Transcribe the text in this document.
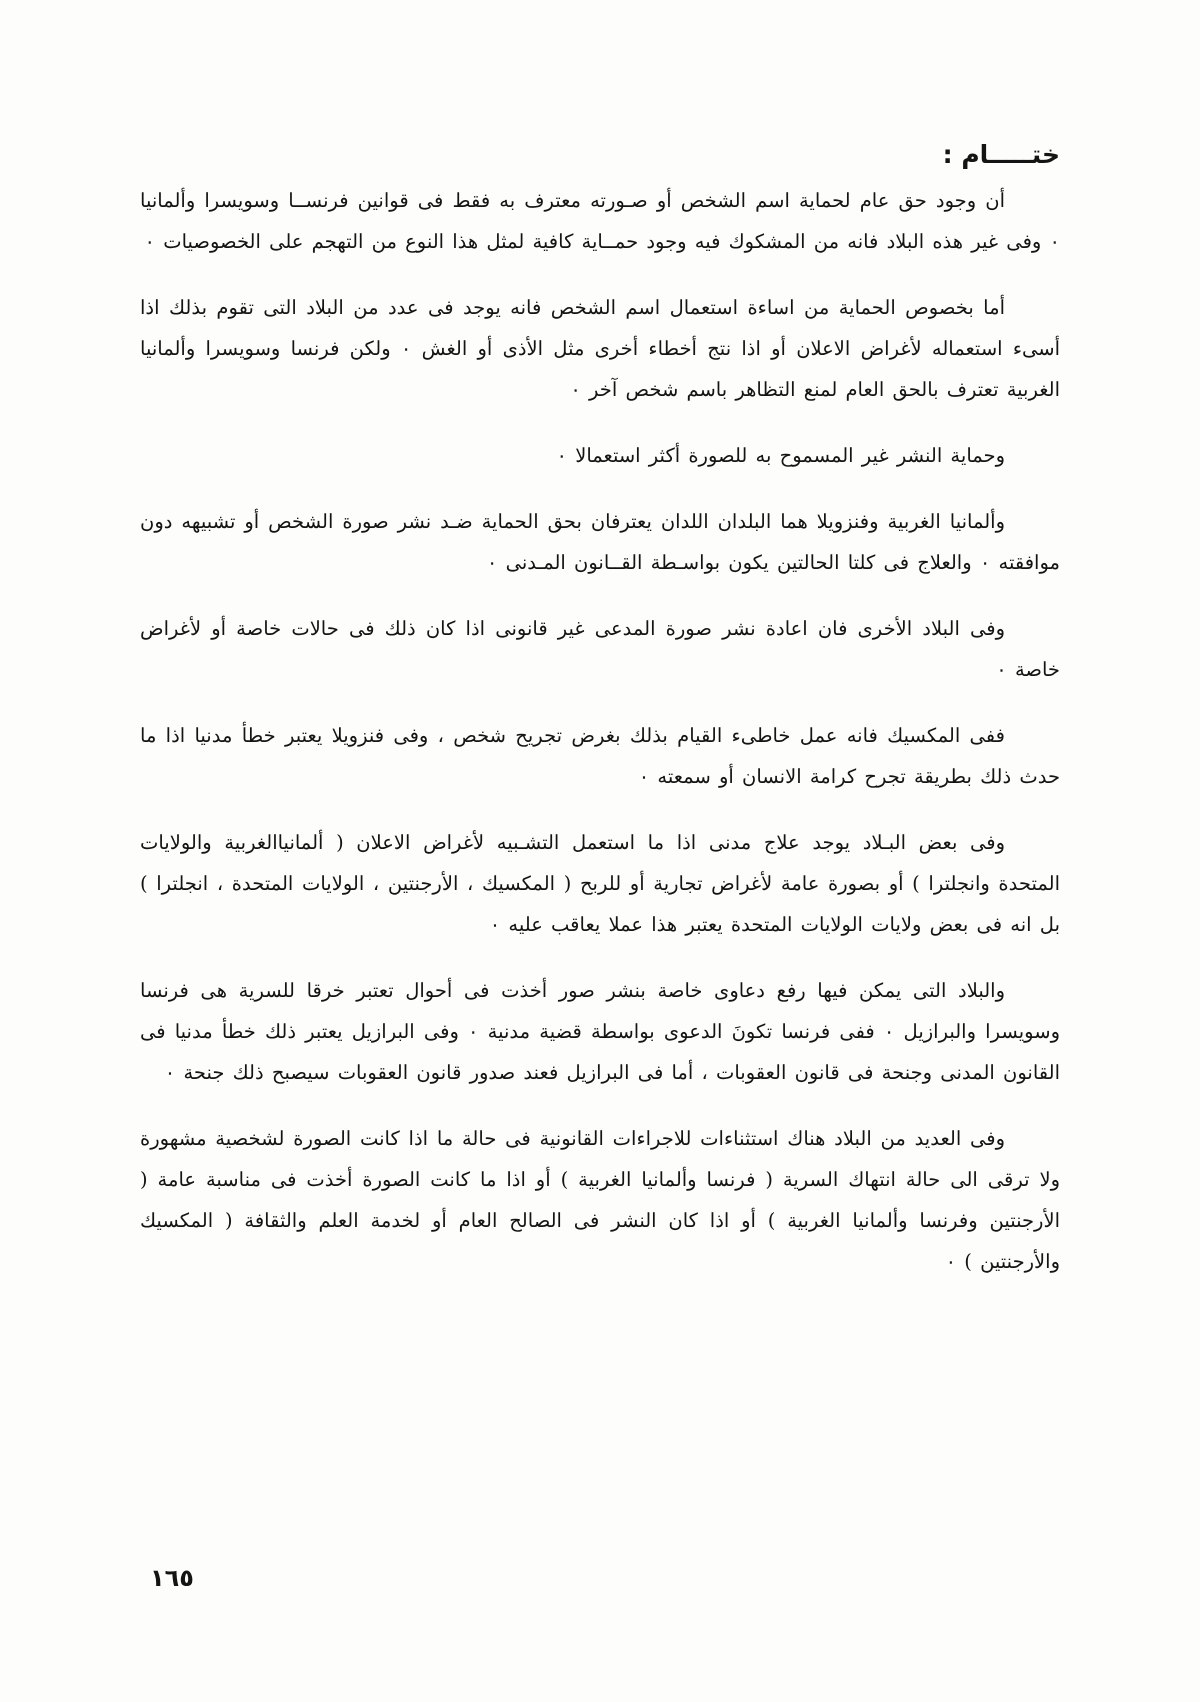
ختـــــام :

أن وجود حق عام لحماية اسم الشخص أو صـورته معترف به فقط فى قوانين فرنســا وسويسرا وألمانيا ٠ وفى غير هذه البلاد فانه من المشكوك فيه وجود حمــاية كافية لمثل هذا النوع من التهجم على الخصوصيات ٠

أما بخصوص الحماية من اساءة استعمال اسم الشخص فانه يوجد فى عدد من البلاد التى تقوم بذلك اذا أسىء استعماله لأغراض الاعلان أو اذا نتج أخطاء أخرى مثل الأذى أو الغش ٠ ولكن فرنسا وسويسرا وألمانيا الغربية تعترف بالحق العام لمنع التظاهر باسم شخص آخر ٠

وحماية النشر غير المسموح به للصورة أكثر استعمالا ٠

وألمانيا الغربية وفنزويلا هما البلدان اللدان يعترفان بحق الحماية ضـد نشر صورة الشخص أو تشبيهه دون موافقته ٠ والعلاج فى كلتا الحالتين يكون بواسـطة القــانون المـدنى ٠

وفى البلاد الأخرى فان اعادة نشر صورة المدعى غير قانونى اذا كان ذلك فى حالات خاصة أو لأغراض خاصة ٠

ففى المكسيك فانه عمل خاطىء القيام بذلك بغرض تجريح شخص ، وفى فنزويلا يعتبر خطأ مدنيا اذا ما حدث ذلك بطريقة تجرح كرامة الانسان أو سمعته ٠

وفى بعض البـلاد يوجد علاج مدنى اذا ما استعمل التشـبيه لأغراض الاعلان ( ألمانياالغربية والولايات المتحدة وانجلترا ) أو بصورة عامة لأغراض تجارية أو للربح ( المكسيك ، الأرجنتين ، الولايات المتحدة ، انجلترا ) بل انه فى بعض ولايات الولايات المتحدة يعتبر هذا عملا يعاقب عليه ٠

والبلاد التى يمكن فيها رفع دعاوى خاصة بنشر صور أخذت فى أحوال تعتبر خرقا للسرية هى فرنسا وسويسرا والبرازيل ٠ ففى فرنسا تكونَ الدعوى بواسطة قضية مدنية ٠ وفى البرازيل يعتبر ذلك خطأ مدنيا فى القانون المدنى وجنحة فى قانون العقوبات ، أما فى البرازيل فعند صدور قانون العقوبات سيصبح ذلك جنحة ٠

وفى العديد من البلاد هناك استثناءات للاجراءات القانونية فى حالة ما اذا كانت الصورة لشخصية مشهورة ولا ترقى الى حالة انتهاك السرية ( فرنسا وألمانيا الغربية ) أو اذا ما كانت الصورة أخذت فى مناسبة عامة ( الأرجنتين وفرنسا وألمانيا الغربية ) أو اذا كان النشر فى الصالح العام أو لخدمة العلم والثقافة ( المكسيك والأرجنتين ) ٠

١٦٥
